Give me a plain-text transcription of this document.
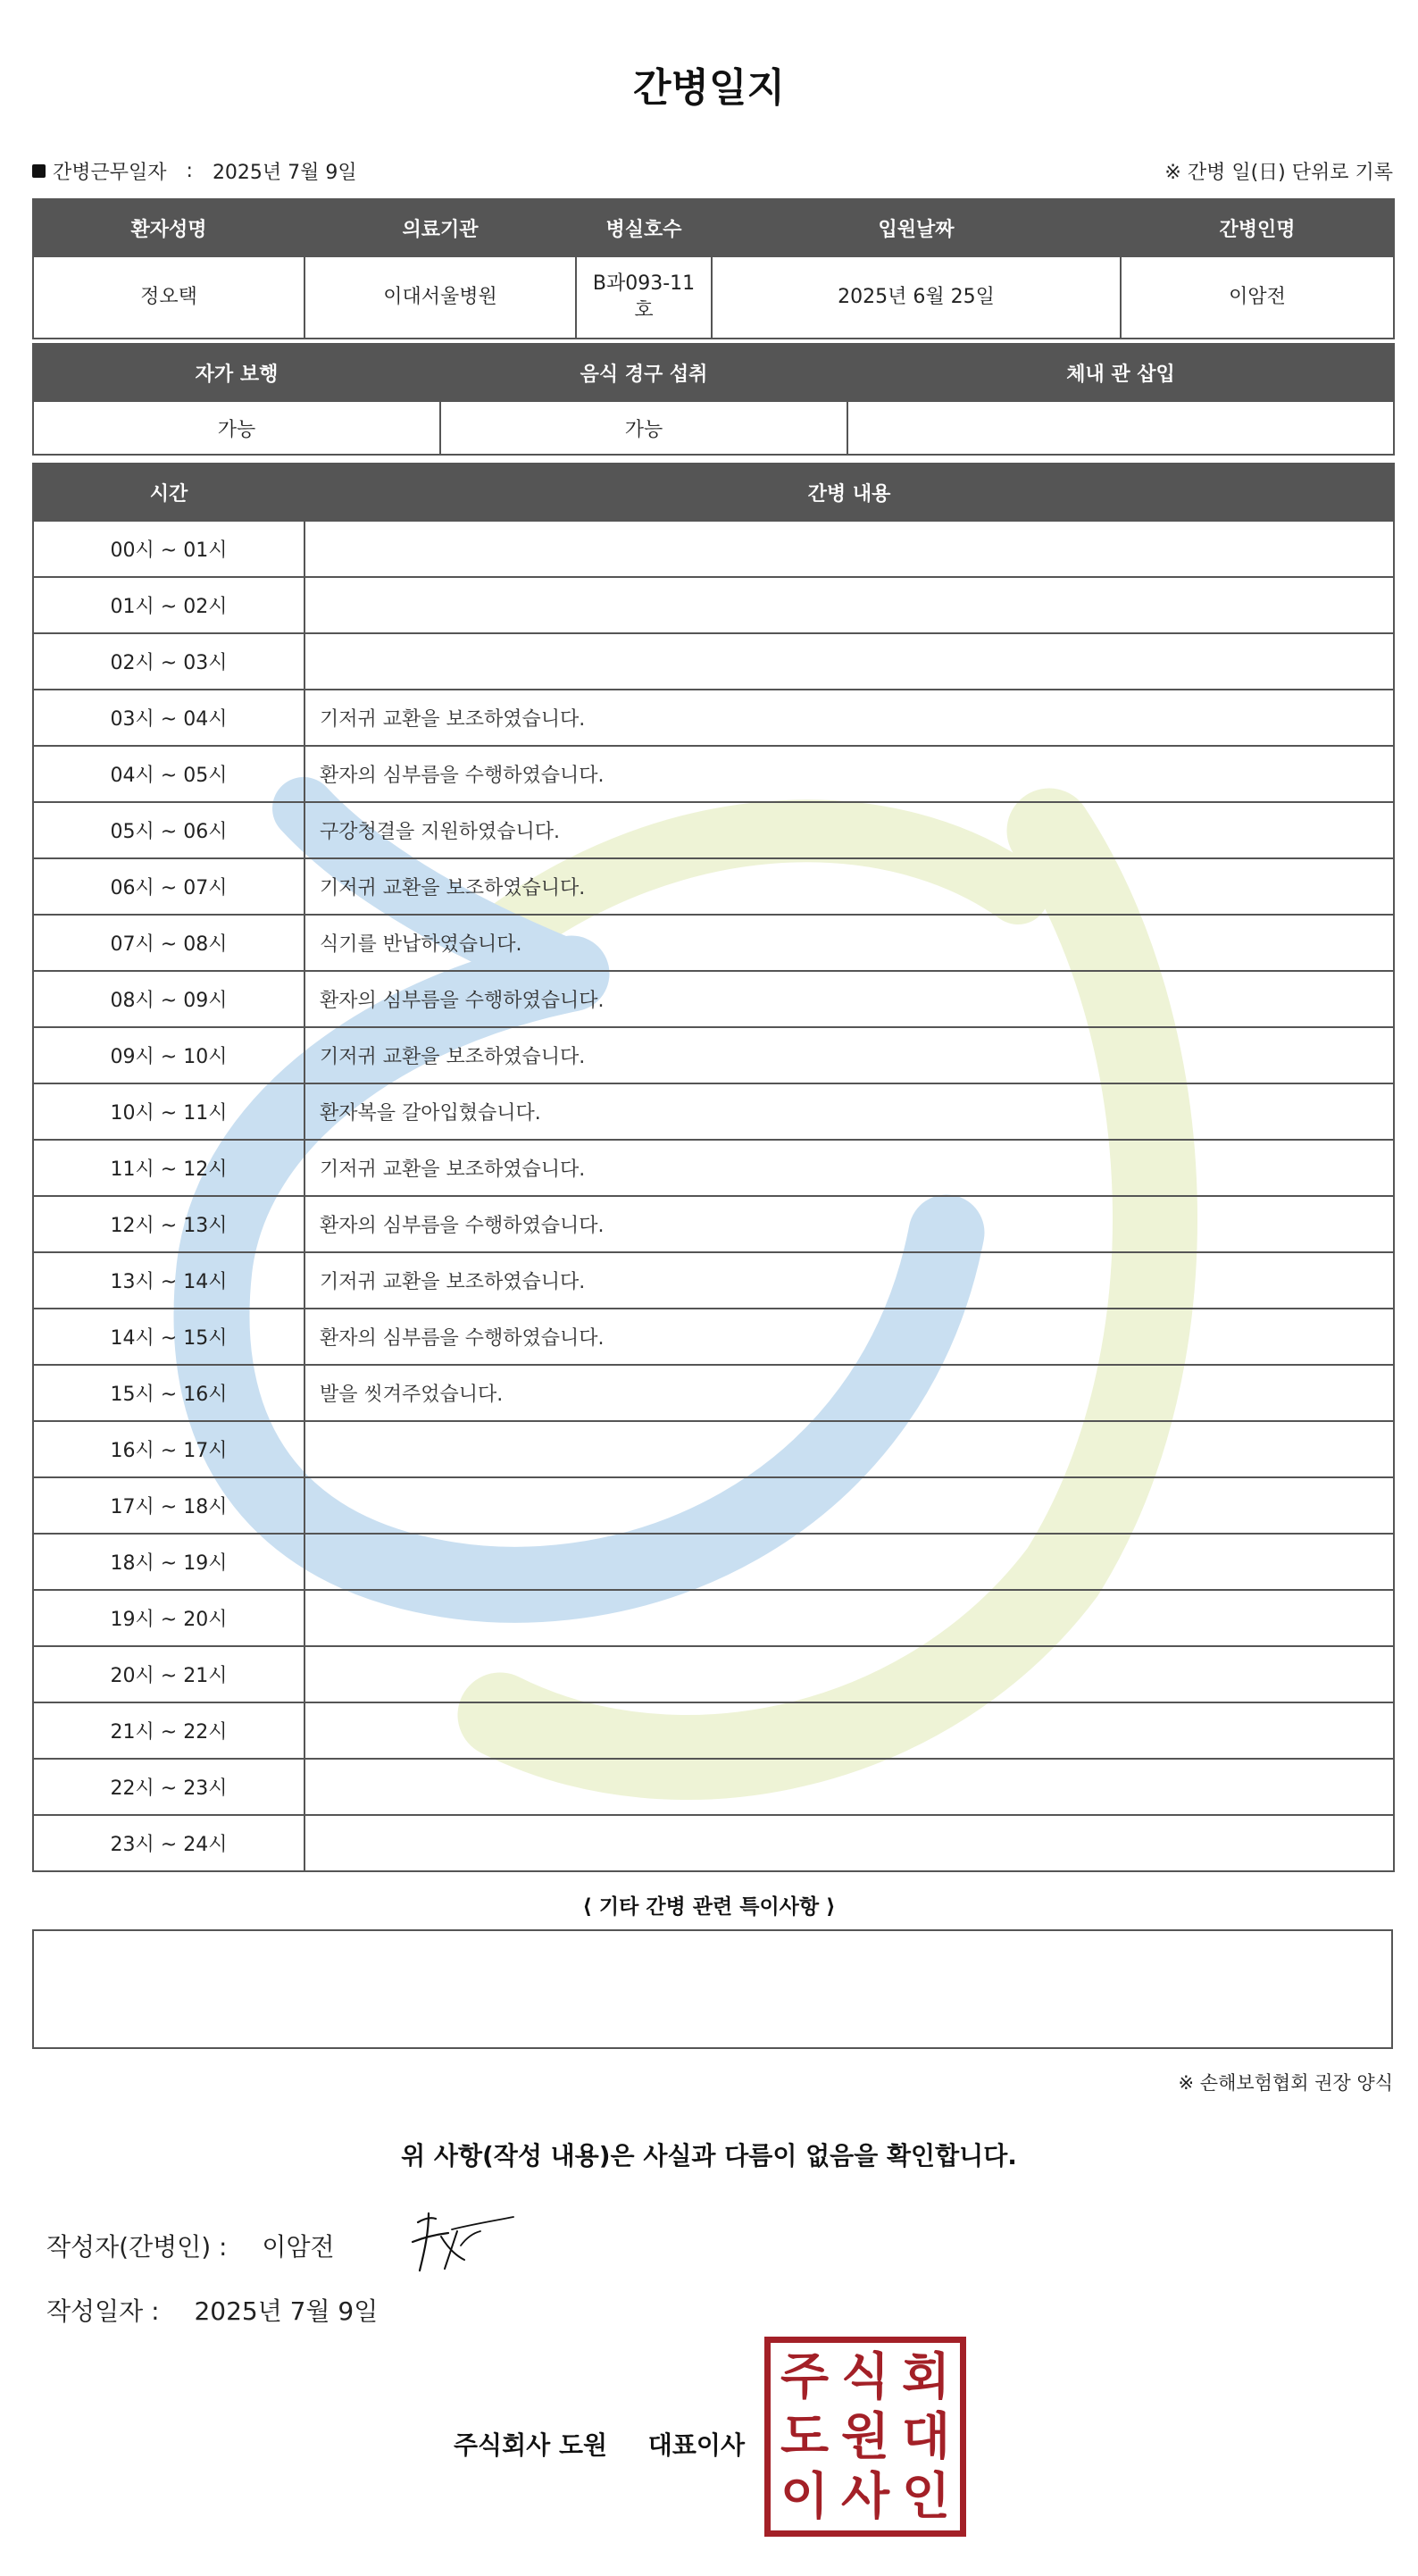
간병일지
간병근무일자 : 2025년 7월 9일	※ 간병 일(日) 단위로 기록
환자성명	의료기관	병실호수	입원날짜	간병인명
정오택	이대서울병원	B과093-11호	2025년 6월 25일	이암전
자가 보행	음식 경구 섭취	체내 관 삽입
가능	가능	
시간	간병 내용
00시 ~ 01시	
01시 ~ 02시	
02시 ~ 03시	
03시 ~ 04시	기저귀 교환을 보조하였습니다.
04시 ~ 05시	환자의 심부름을 수행하였습니다.
05시 ~ 06시	구강청결을 지원하였습니다.
06시 ~ 07시	기저귀 교환을 보조하였습니다.
07시 ~ 08시	식기를 반납하였습니다.
08시 ~ 09시	환자의 심부름을 수행하였습니다.
09시 ~ 10시	기저귀 교환을 보조하였습니다.
10시 ~ 11시	환자복을 갈아입혔습니다.
11시 ~ 12시	기저귀 교환을 보조하였습니다.
12시 ~ 13시	환자의 심부름을 수행하였습니다.
13시 ~ 14시	기저귀 교환을 보조하였습니다.
14시 ~ 15시	환자의 심부름을 수행하였습니다.
15시 ~ 16시	발을 씻겨주었습니다.
16시 ~ 17시	
17시 ~ 18시	
18시 ~ 19시	
19시 ~ 20시	
20시 ~ 21시	
21시 ~ 22시	
22시 ~ 23시	
23시 ~ 24시	
⟨ 기타 간병 관련 특이사항 ⟩
※ 손해보험협회 권장 양식
위 사항(작성 내용)은 사실과 다름이 없음을 확인합니다.
작성자(간병인) : 이암전
작성일자 : 2025년 7월 9일
주식회사 도원 대표이사
주 식 회
도 원 대
이 사 인
